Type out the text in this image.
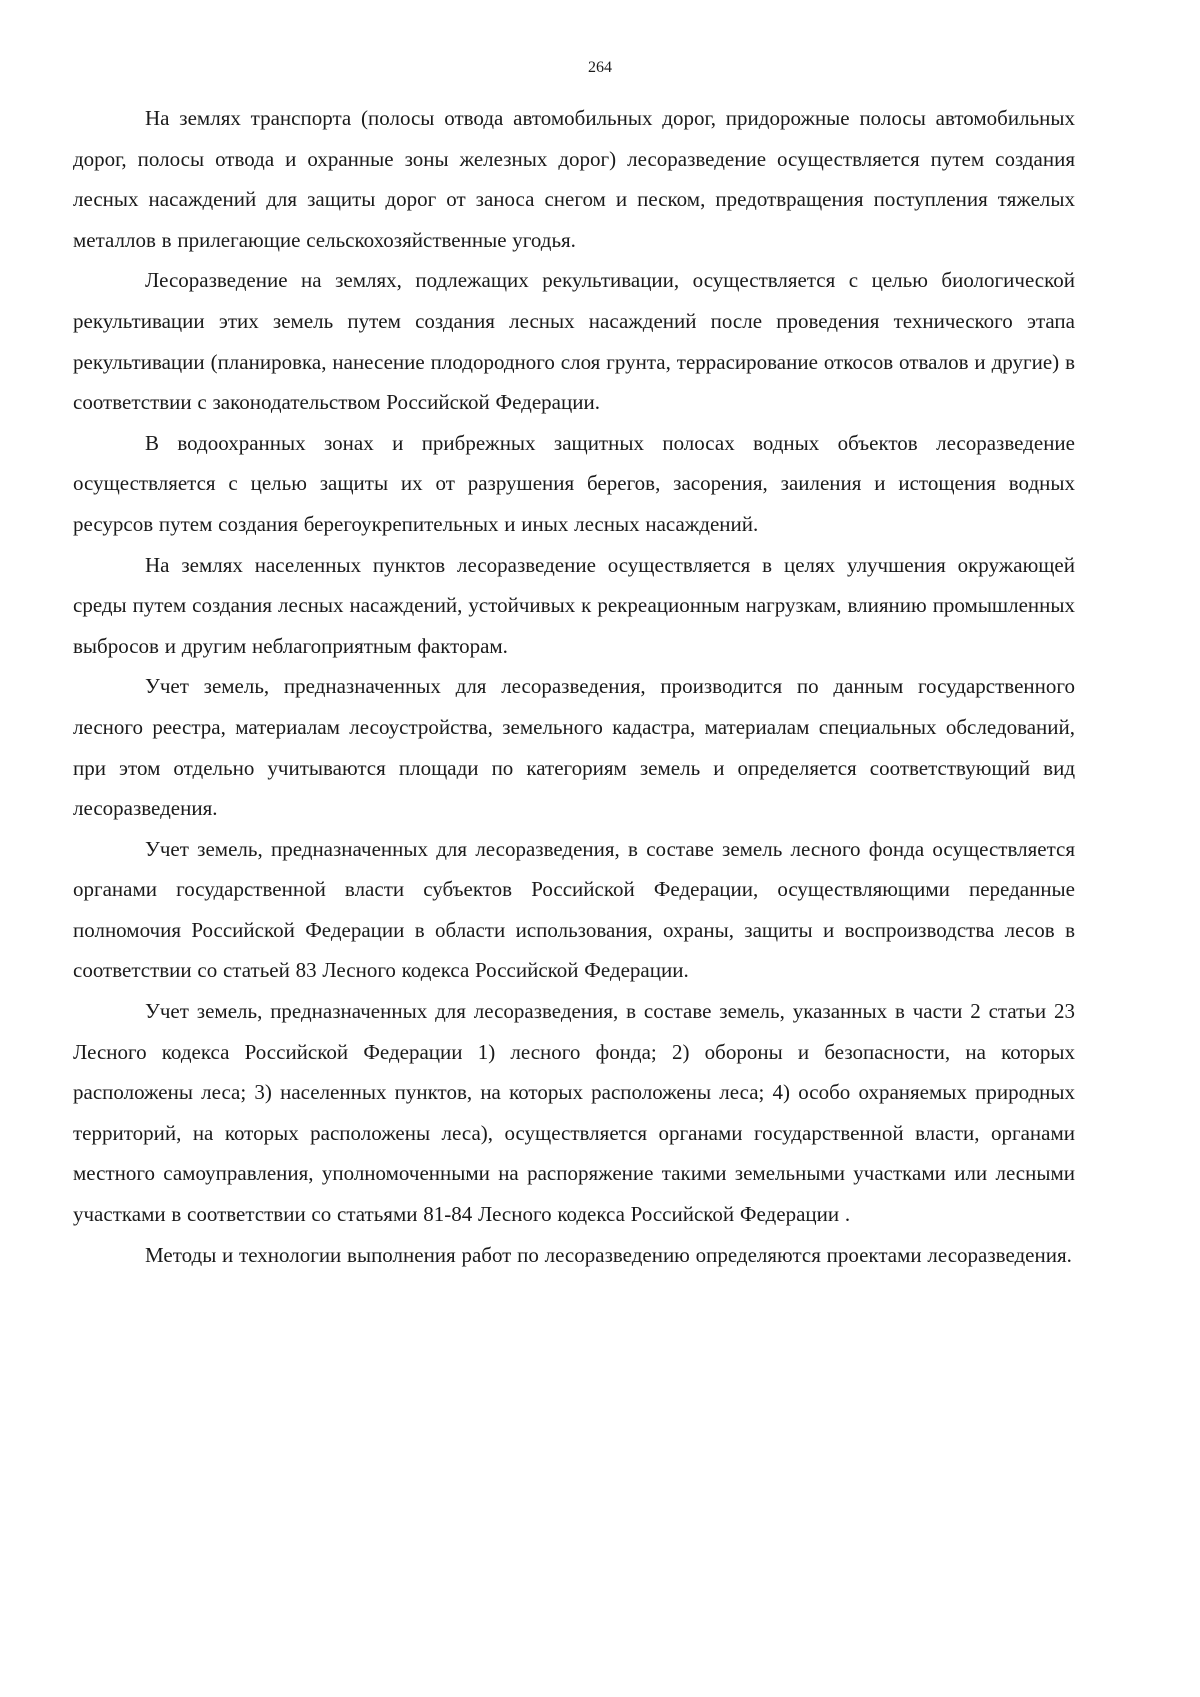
264

На землях транспорта (полосы отвода автомобильных дорог, придорожные полосы автомобильных дорог, полосы отвода и охранные зоны железных дорог) лесоразведение осуществляется путем создания лесных насаждений для защиты дорог от заноса снегом и песком, предотвращения поступления тяжелых металлов в прилегающие сельскохозяйственные угодья.

Лесоразведение на землях, подлежащих рекультивации, осуществляется с целью биологической рекультивации этих земель путем создания лесных насаждений после проведения технического этапа рекультивации (планировка, нанесение плодородного слоя грунта, террасирование откосов отвалов и другие) в соответствии с законодательством Российской Федерации.

В водоохранных зонах и прибрежных защитных полосах водных объектов лесоразведение осуществляется с целью защиты их от разрушения берегов, засорения, заиления и истощения водных ресурсов путем создания берегоукрепительных и иных лесных насаждений.

На землях населенных пунктов лесоразведение осуществляется в целях улучшения окружающей среды путем создания лесных насаждений, устойчивых к рекреационным нагрузкам, влиянию промышленных выбросов и другим неблагоприятным факторам.

Учет земель, предназначенных для лесоразведения, производится по данным государственного лесного реестра, материалам лесоустройства, земельного кадастра, материалам специальных обследований, при этом отдельно учитываются площади по категориям земель и определяется соответствующий вид лесоразведения.

Учет земель, предназначенных для лесоразведения, в составе земель лесного фонда осуществляется органами государственной власти субъектов Российской Федерации, осуществляющими переданные полномочия Российской Федерации в области использования, охраны, защиты и воспроизводства лесов в соответствии со статьей 83 Лесного кодекса Российской Федерации.

Учет земель, предназначенных для лесоразведения, в составе земель, указанных в части 2 статьи 23 Лесного кодекса Российской Федерации 1) лесного фонда; 2) обороны и безопасности, на которых расположены леса; 3) населенных пунктов, на которых расположены леса; 4) особо охраняемых природных территорий, на которых расположены леса), осуществляется органами государственной власти, органами местного самоуправления, уполномоченными на распоряжение такими земельными участками или лесными участками в соответствии со статьями 81-84 Лесного кодекса Российской Федерации .

Методы и технологии выполнения работ по лесоразведению определяются проектами лесоразведения.
